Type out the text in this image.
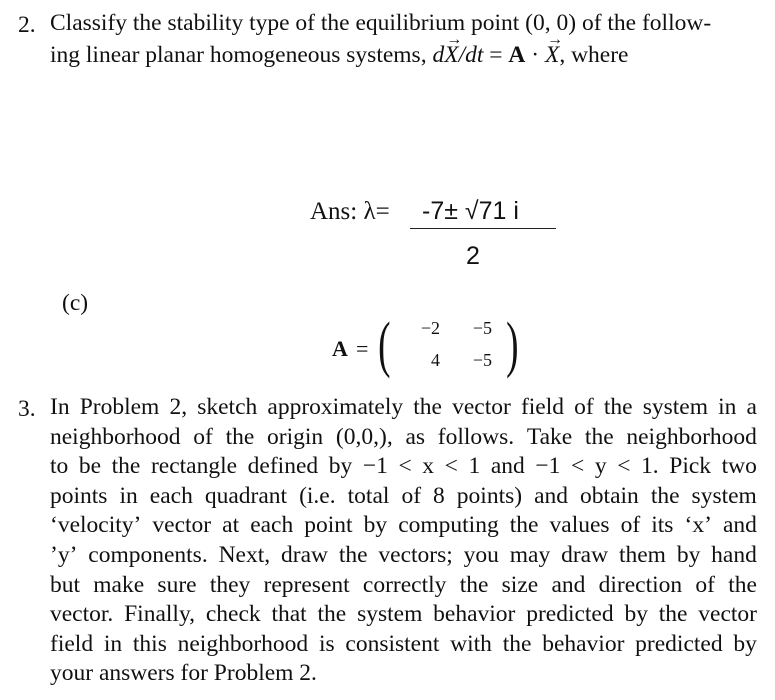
2. Classify the stability type of the equilibrium point (0, 0) of the follow-
ing linear planar homogeneous systems, d
→
X/dt = A ·
→
X, where
Ans: λ= -7± √71 i
2
(c)
A = (	−2	−5
4	−5 )
3. In Problem 2, sketch approximately the vector field of the system in a
neighborhood of the origin (0,0,), as follows. Take the neighborhood
to be the rectangle defined by −1 < x < 1 and −1 < y < 1. Pick two
points in each quadrant (i.e. total of 8 points) and obtain the system
‘velocity’ vector at each point by computing the values of its ‘x’ and
’y’ components. Next, draw the vectors; you may draw them by hand
but make sure they represent correctly the size and direction of the
vector. Finally, check that the system behavior predicted by the vector
field in this neighborhood is consistent with the behavior predicted by
your answers for Problem 2.
